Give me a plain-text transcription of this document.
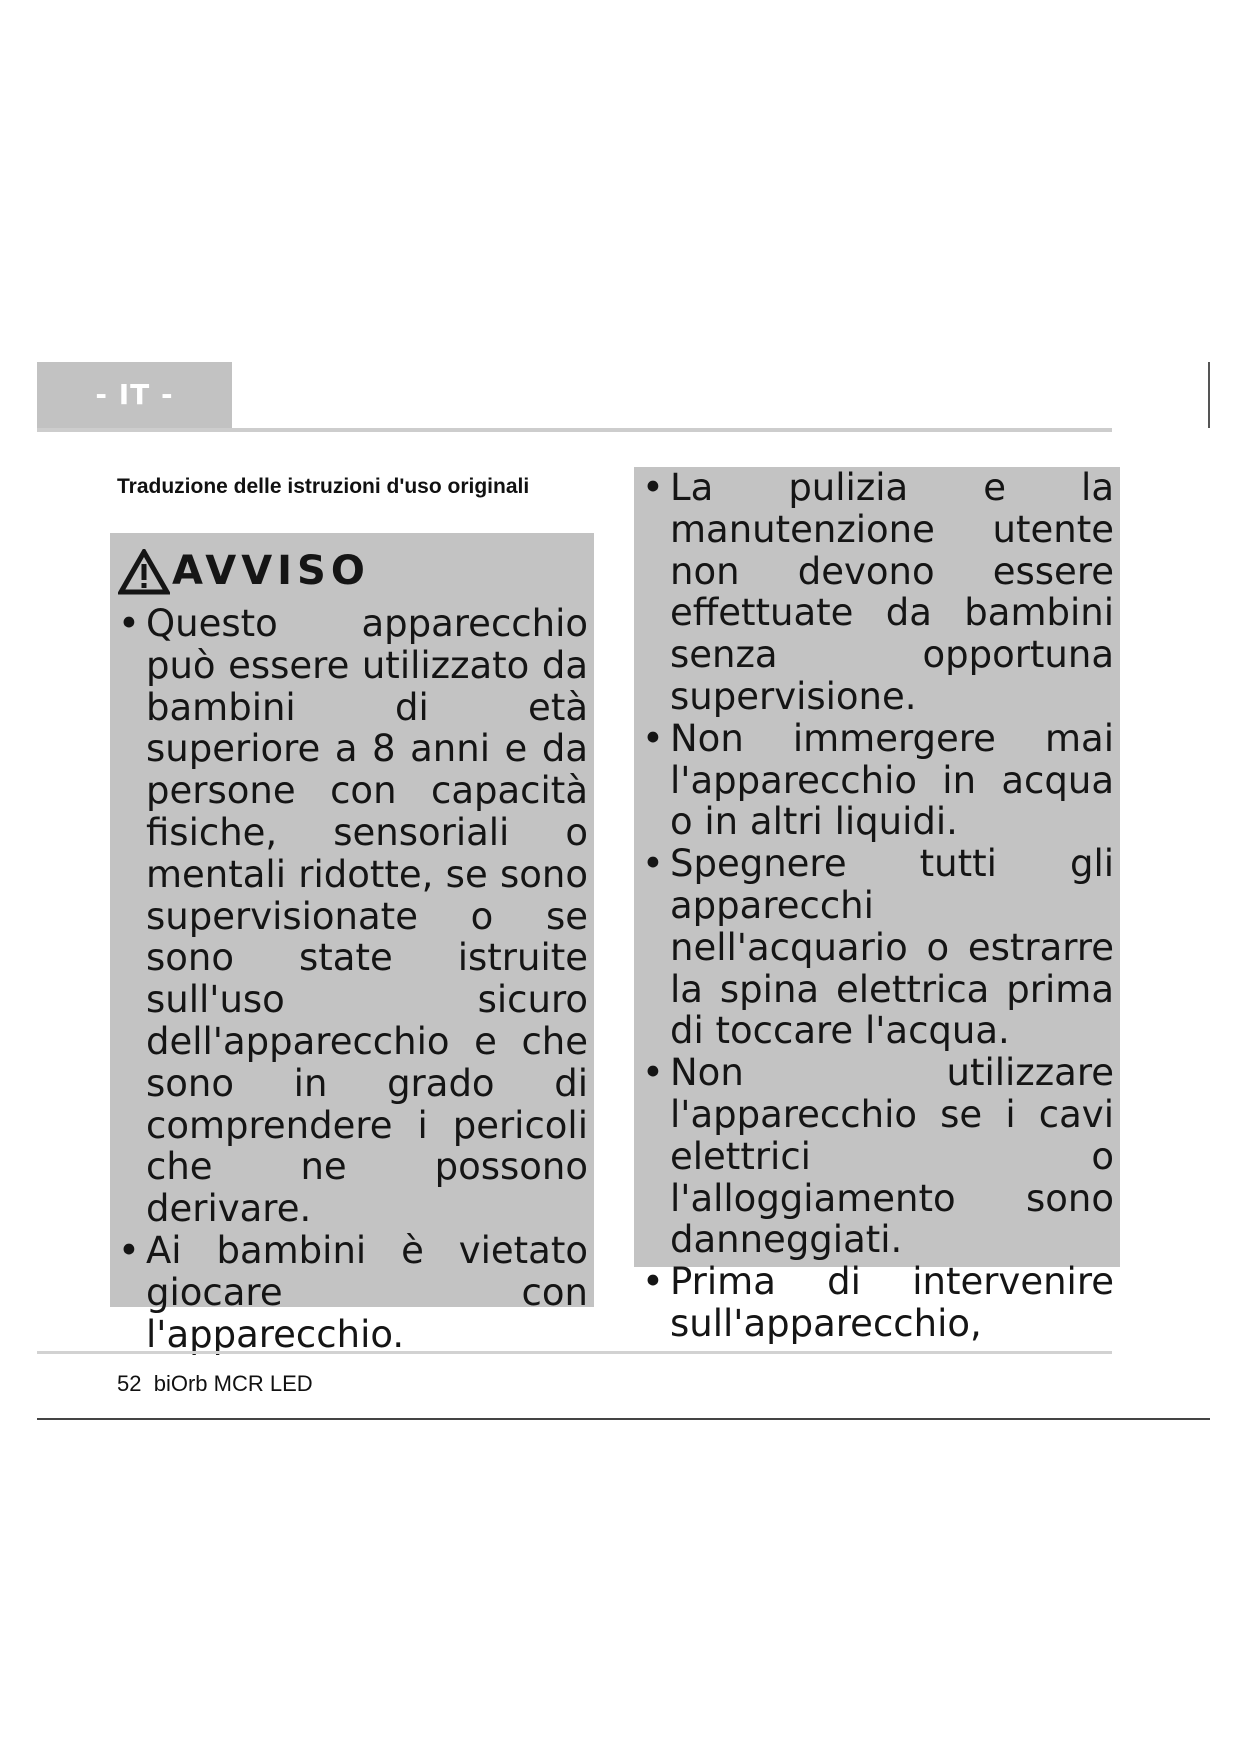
- IT -
Traduzione delle istruzioni d'uso originali
AVVISO
• Questo apparecchio può essere utilizzato da bambini di età superiore a 8 anni e da persone con capacità fisiche, sensoriali o mentali ridotte, se sono supervisionate o se sono state istruite sull'uso sicuro dell'apparecchio e che sono in grado di comprendere i pericoli che ne possono derivare.
• Ai bambini è vietato giocare con l'apparecchio.
• La pulizia e la manutenzione utente non devono essere effettuate da bambini senza opportuna supervisione.
• Non immergere mai l'apparecchio in acqua o in altri liquidi.
• Spegnere tutti gli apparecchi nell'acquario o estrarre la spina elettrica prima di toccare l'acqua.
• Non utilizzare l'apparecchio se i cavi elettrici o l'alloggiamento sono danneggiati.
• Prima di intervenire sull'apparecchio,
52 biOrb MCR LED
